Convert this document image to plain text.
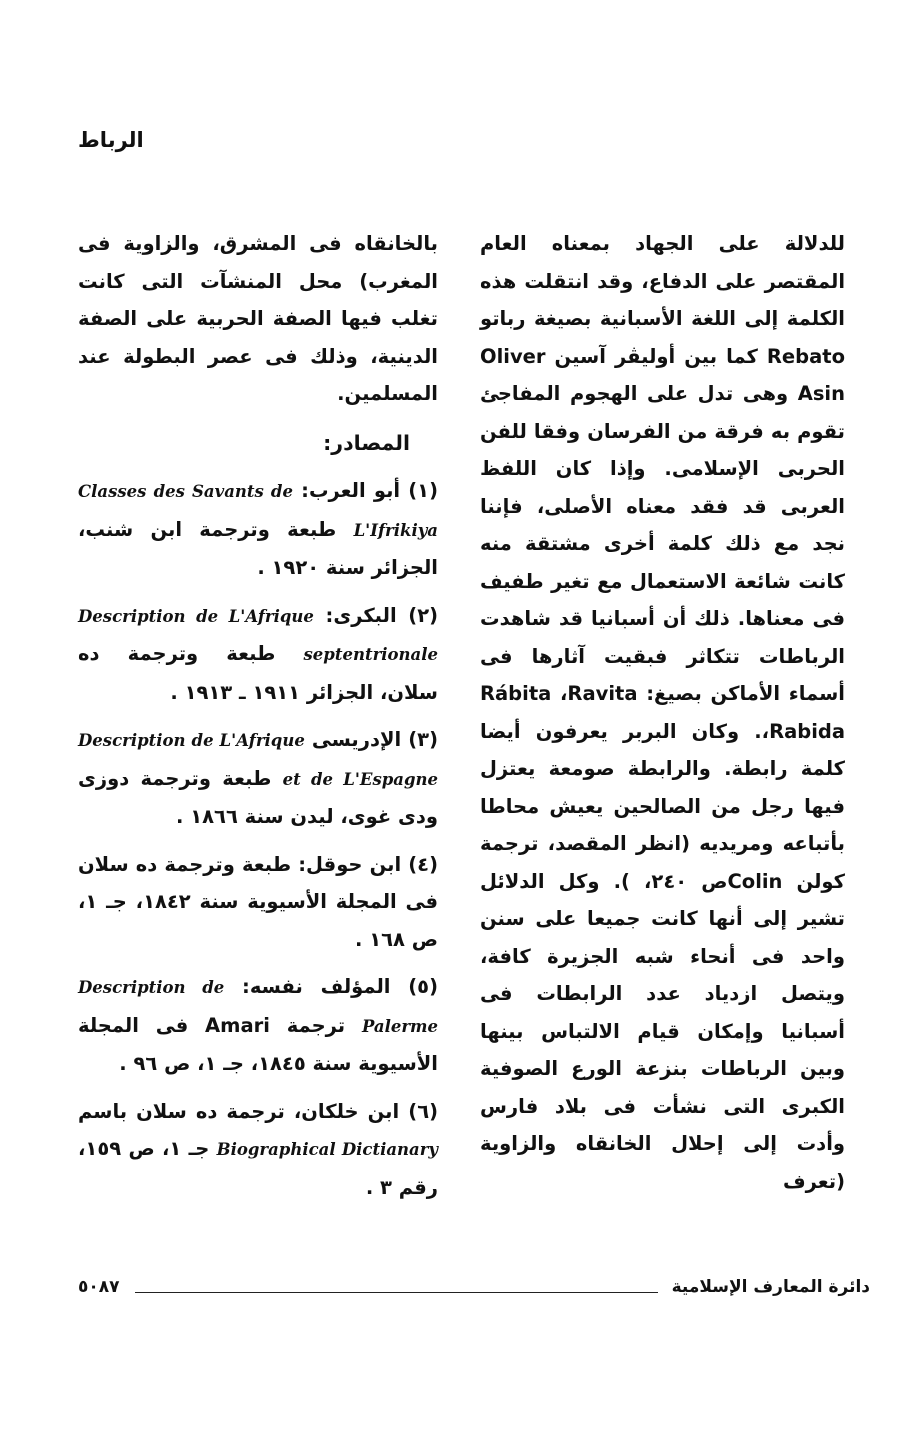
الرباط

للدلالة على الجهاد بمعناه العام المقتصر على الدفاع، وقد انتقلت هذه الكلمة إلى اللغة الأسبانية بصيغة رباتو Rebato كما بين أوليڤر آسين Oliver Asin وهى تدل على الهجوم المفاجئ تقوم به فرقة من الفرسان وفقا للفن الحربى الإسلامى. وإذا كان اللفظ العربى قد فقد معناه الأصلى، فإننا نجد مع ذلك كلمة أخرى مشتقة منه كانت شائعة الاستعمال مع تغير طفيف فى معناها. ذلك أن أسبانيا قد شاهدت الرباطات تتكاثر فبقيت آثارها فى أسماء الأماكن بصيغ: Rábita ،Ravita ،Rabida. وكان البربر يعرفون أيضا كلمة رابطة. والرابطة صومعة يعتزل فيها رجل من الصالحين يعيش محاطا بأتباعه ومريديه (انظر المقصد، ترجمة كولن Colinص ٢٤٠، ). وكل الدلائل تشير إلى أنها كانت جميعا على سنن واحد فى أنحاء شبه الجزيرة كافة، ويتصل ازدياد عدد الرابطات فى أسبانيا وإمكان قيام الالتباس بينها وبين الرباطات بنزعة الورع الصوفية الكبرى التى نشأت فى بلاد فارس وأدت إلى إحلال الخانقاه والزاوية (تعرف

بالخانقاه فى المشرق، والزاوية فى المغرب) محل المنشآت التى كانت تغلب فيها الصفة الحربية على الصفة الدينية، وذلك فى عصر البطولة عند المسلمين.

المصادر:

(١) أبو العرب: Classes des Savants de L'Ifrikiya طبعة وترجمة ابن شنب، الجزائر سنة ١٩٢٠ .

(٢) البكرى: Description de L'Afrique septentrionale طبعة وترجمة ده سلان، الجزائر ١٩١١ ـ ١٩١٣ .

(٣) الإدريسى Description de L'Afrique et de L'Espagne طبعة وترجمة دوزى ودى غوى، ليدن سنة ١٨٦٦ .

(٤) ابن حوقل: طبعة وترجمة ده سلان فى المجلة الأسيوية سنة ١٨٤٢، جـ ١، ص ١٦٨ .

(٥) المؤلف نفسه: Description de Palerme ترجمة Amari فى المجلة الأسيوية سنة ١٨٤٥، جـ ١، ص ٩٦ .

(٦) ابن خلكان، ترجمة ده سلان باسم Biographical Dictianary جـ ١، ص ١٥٩، رقم ٣ .

٥٠٨٧	دائرة المعارف الإسلامية
